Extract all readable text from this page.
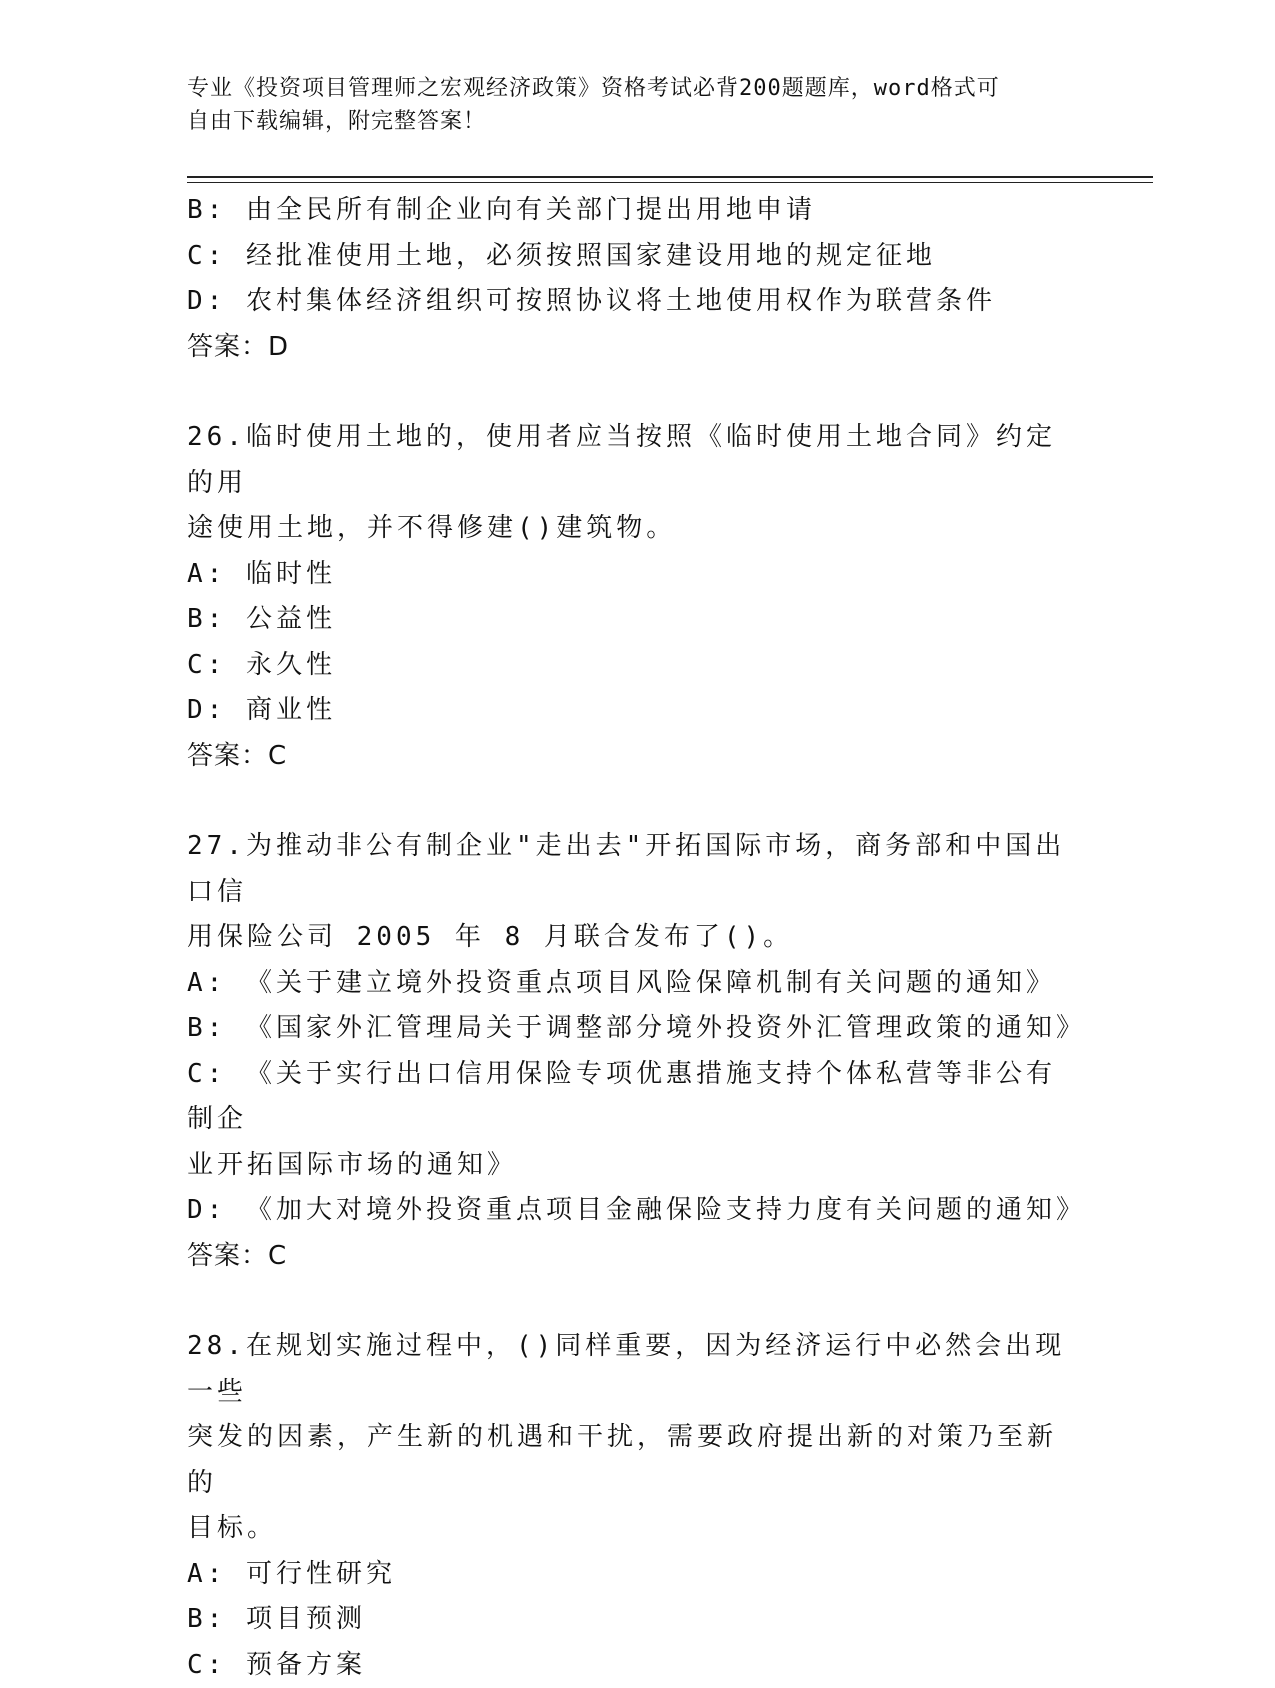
专业《投资项目管理师之宏观经济政策》资格考试必背200题题库，word格式可
自由下载编辑，附完整答案！

B: 由全民所有制企业向有关部门提出用地申请

C: 经批准使用土地，必须按照国家建设用地的规定征地

D: 农村集体经济组织可按照协议将土地使用权作为联营条件

答案：D

26.临时使用土地的，使用者应当按照《临时使用土地合同》约定的用

途使用土地，并不得修建()建筑物。

A: 临时性

B: 公益性

C: 永久性

D: 商业性

答案：C

27.为推动非公有制企业"走出去"开拓国际市场，商务部和中国出口信

用保险公司 2005 年 8 月联合发布了()。

A: 《关于建立境外投资重点项目风险保障机制有关问题的通知》

B: 《国家外汇管理局关于调整部分境外投资外汇管理政策的通知》

C: 《关于实行出口信用保险专项优惠措施支持个体私营等非公有制企

业开拓国际市场的通知》

D: 《加大对境外投资重点项目金融保险支持力度有关问题的通知》

答案：C

28.在规划实施过程中，()同样重要，因为经济运行中必然会出现一些

突发的因素，产生新的机遇和干扰，需要政府提出新的对策乃至新的

目标。

A: 可行性研究

B: 项目预测

C: 预备方案
